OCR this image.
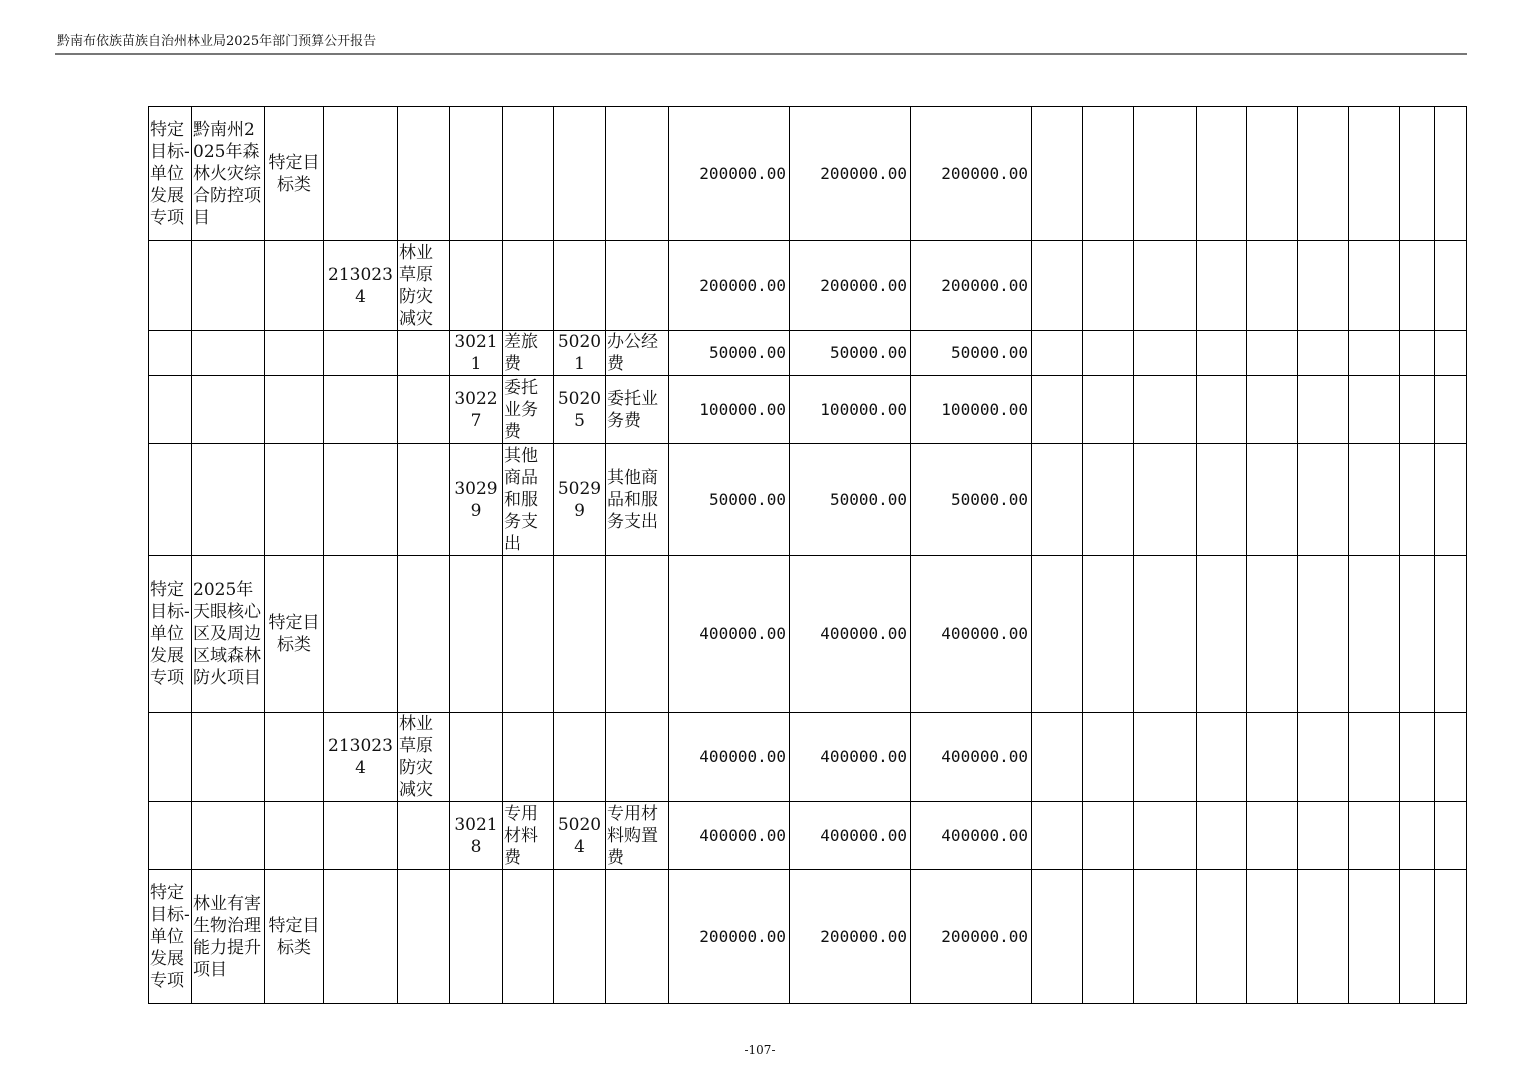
黔南布依族苗族自治州林业局2025年部门预算公开报告
特定目标-单位发展专项	黔南州2025年森林火灾综合防控项目	特定目标类							200000.00	200000.00	200000.00									
			2130234	林业草原防灾减灾					200000.00	200000.00	200000.00									
					30211	差旅费	50201	办公经费	50000.00	50000.00	50000.00									
					30227	委托业务费	50205	委托业务费	100000.00	100000.00	100000.00									
					30299	其他商品和服务支出	50299	其他商品和服务支出	50000.00	50000.00	50000.00									
特定目标-单位发展专项	2025年天眼核心区及周边区域森林防火项目	特定目标类							400000.00	400000.00	400000.00									
			2130234	林业草原防灾减灾					400000.00	400000.00	400000.00									
					30218	专用材料费	50204	专用材料购置费	400000.00	400000.00	400000.00									
特定目标-单位发展专项	林业有害生物治理能力提升项目	特定目标类							200000.00	200000.00	200000.00									
-107-
